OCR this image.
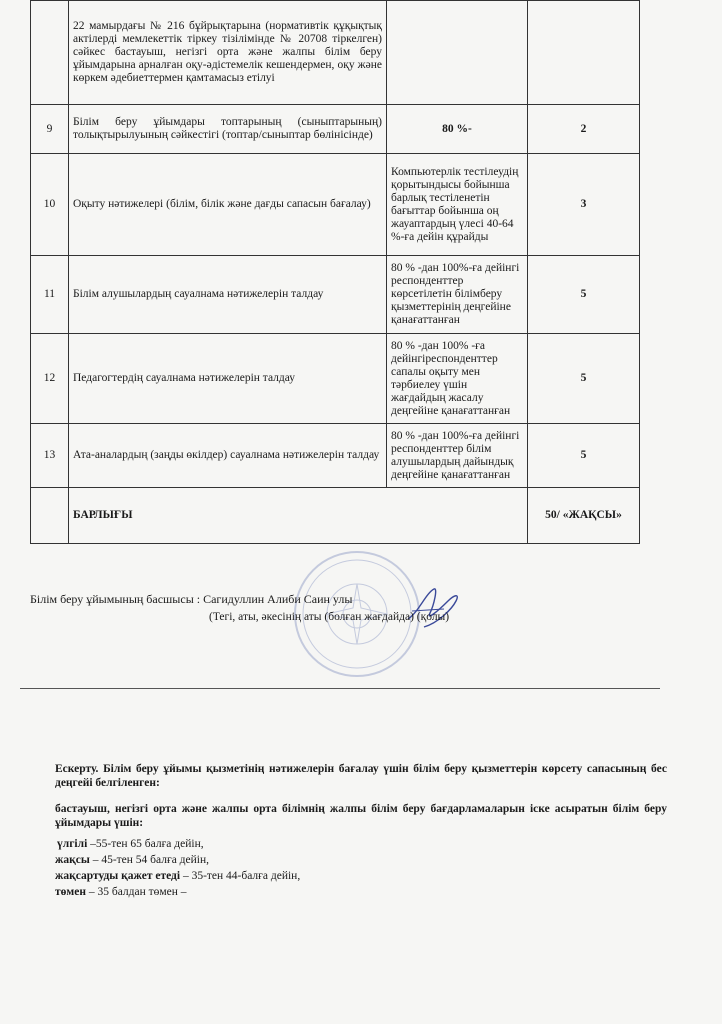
	22 мамырдағы № 216 бұйрықтарына (нормативтік құқықтық актілерді мемлекеттік тіркеу тізілімінде № 20708 тіркелген) сәйкес бастауыш, негізгі орта және жалпы білім беру ұйымдарына арналған оқу-әдістемелік кешендермен, оқу және көркем әдебиеттермен қамтамасыз етілуі		
9	Білім беру ұйымдары топтарының (сыныптарының) толықтырылуының сәйкестігі (топтар/сыныптар бөлінісінде)	80 %-	2
10	Оқыту нәтижелері (білім, білік және дағды сапасын бағалау)	Компьютерлік тестілеудің қорытындысы бойынша барлық тестіленетін бағыттар бойынша оң жауаптардың үлесі 40-64 %-ға дейін құрайды	3
11	Білім алушылардың сауалнама нәтижелерін талдау	80 % -дан 100%-ға дейінгі респонденттер көрсетілетін білімберу қызметтерінің деңгейіне қанағаттанған	5
12	Педагогтердің сауалнама нәтижелерін талдау	80 % -дан 100% -ға дейінгіреспонденттер сапалы оқыту мен тәрбиелеу үшін жағдайдың жасалу деңгейіне қанағаттанған	5
13	Ата-аналардың (заңды өкілдер) сауалнама нәтижелерін талдау	80 % -дан 100%-ға дейінгі респонденттер білім алушылардың дайындық деңгейіне қанағаттанған	5
	БАРЛЫҒЫ		50/ «ЖАҚСЫ»
Білім беру ұйымының басшысы : Сагидуллин Алиби Саин улы
(Тегі, аты, әкесінің аты (болған жағдайда) (қолы)
Ескерту. Білім беру ұйымы қызметінің нәтижелерін бағалау үшін білім беру қызметтерін көрсету сапасының бес деңгейі белгіленген:
бастауыш, негізгі орта және жалпы орта білімнің жалпы білім беру бағдарламаларын іске асыратын білім беру ұйымдары үшін:
үлгілі –55-тен 65 балға дейін,
жақсы – 45-тен 54 балға дейін,
жақсартуды қажет етеді – 35-тен 44-балға дейін,
төмен – 35 балдан төмен –
